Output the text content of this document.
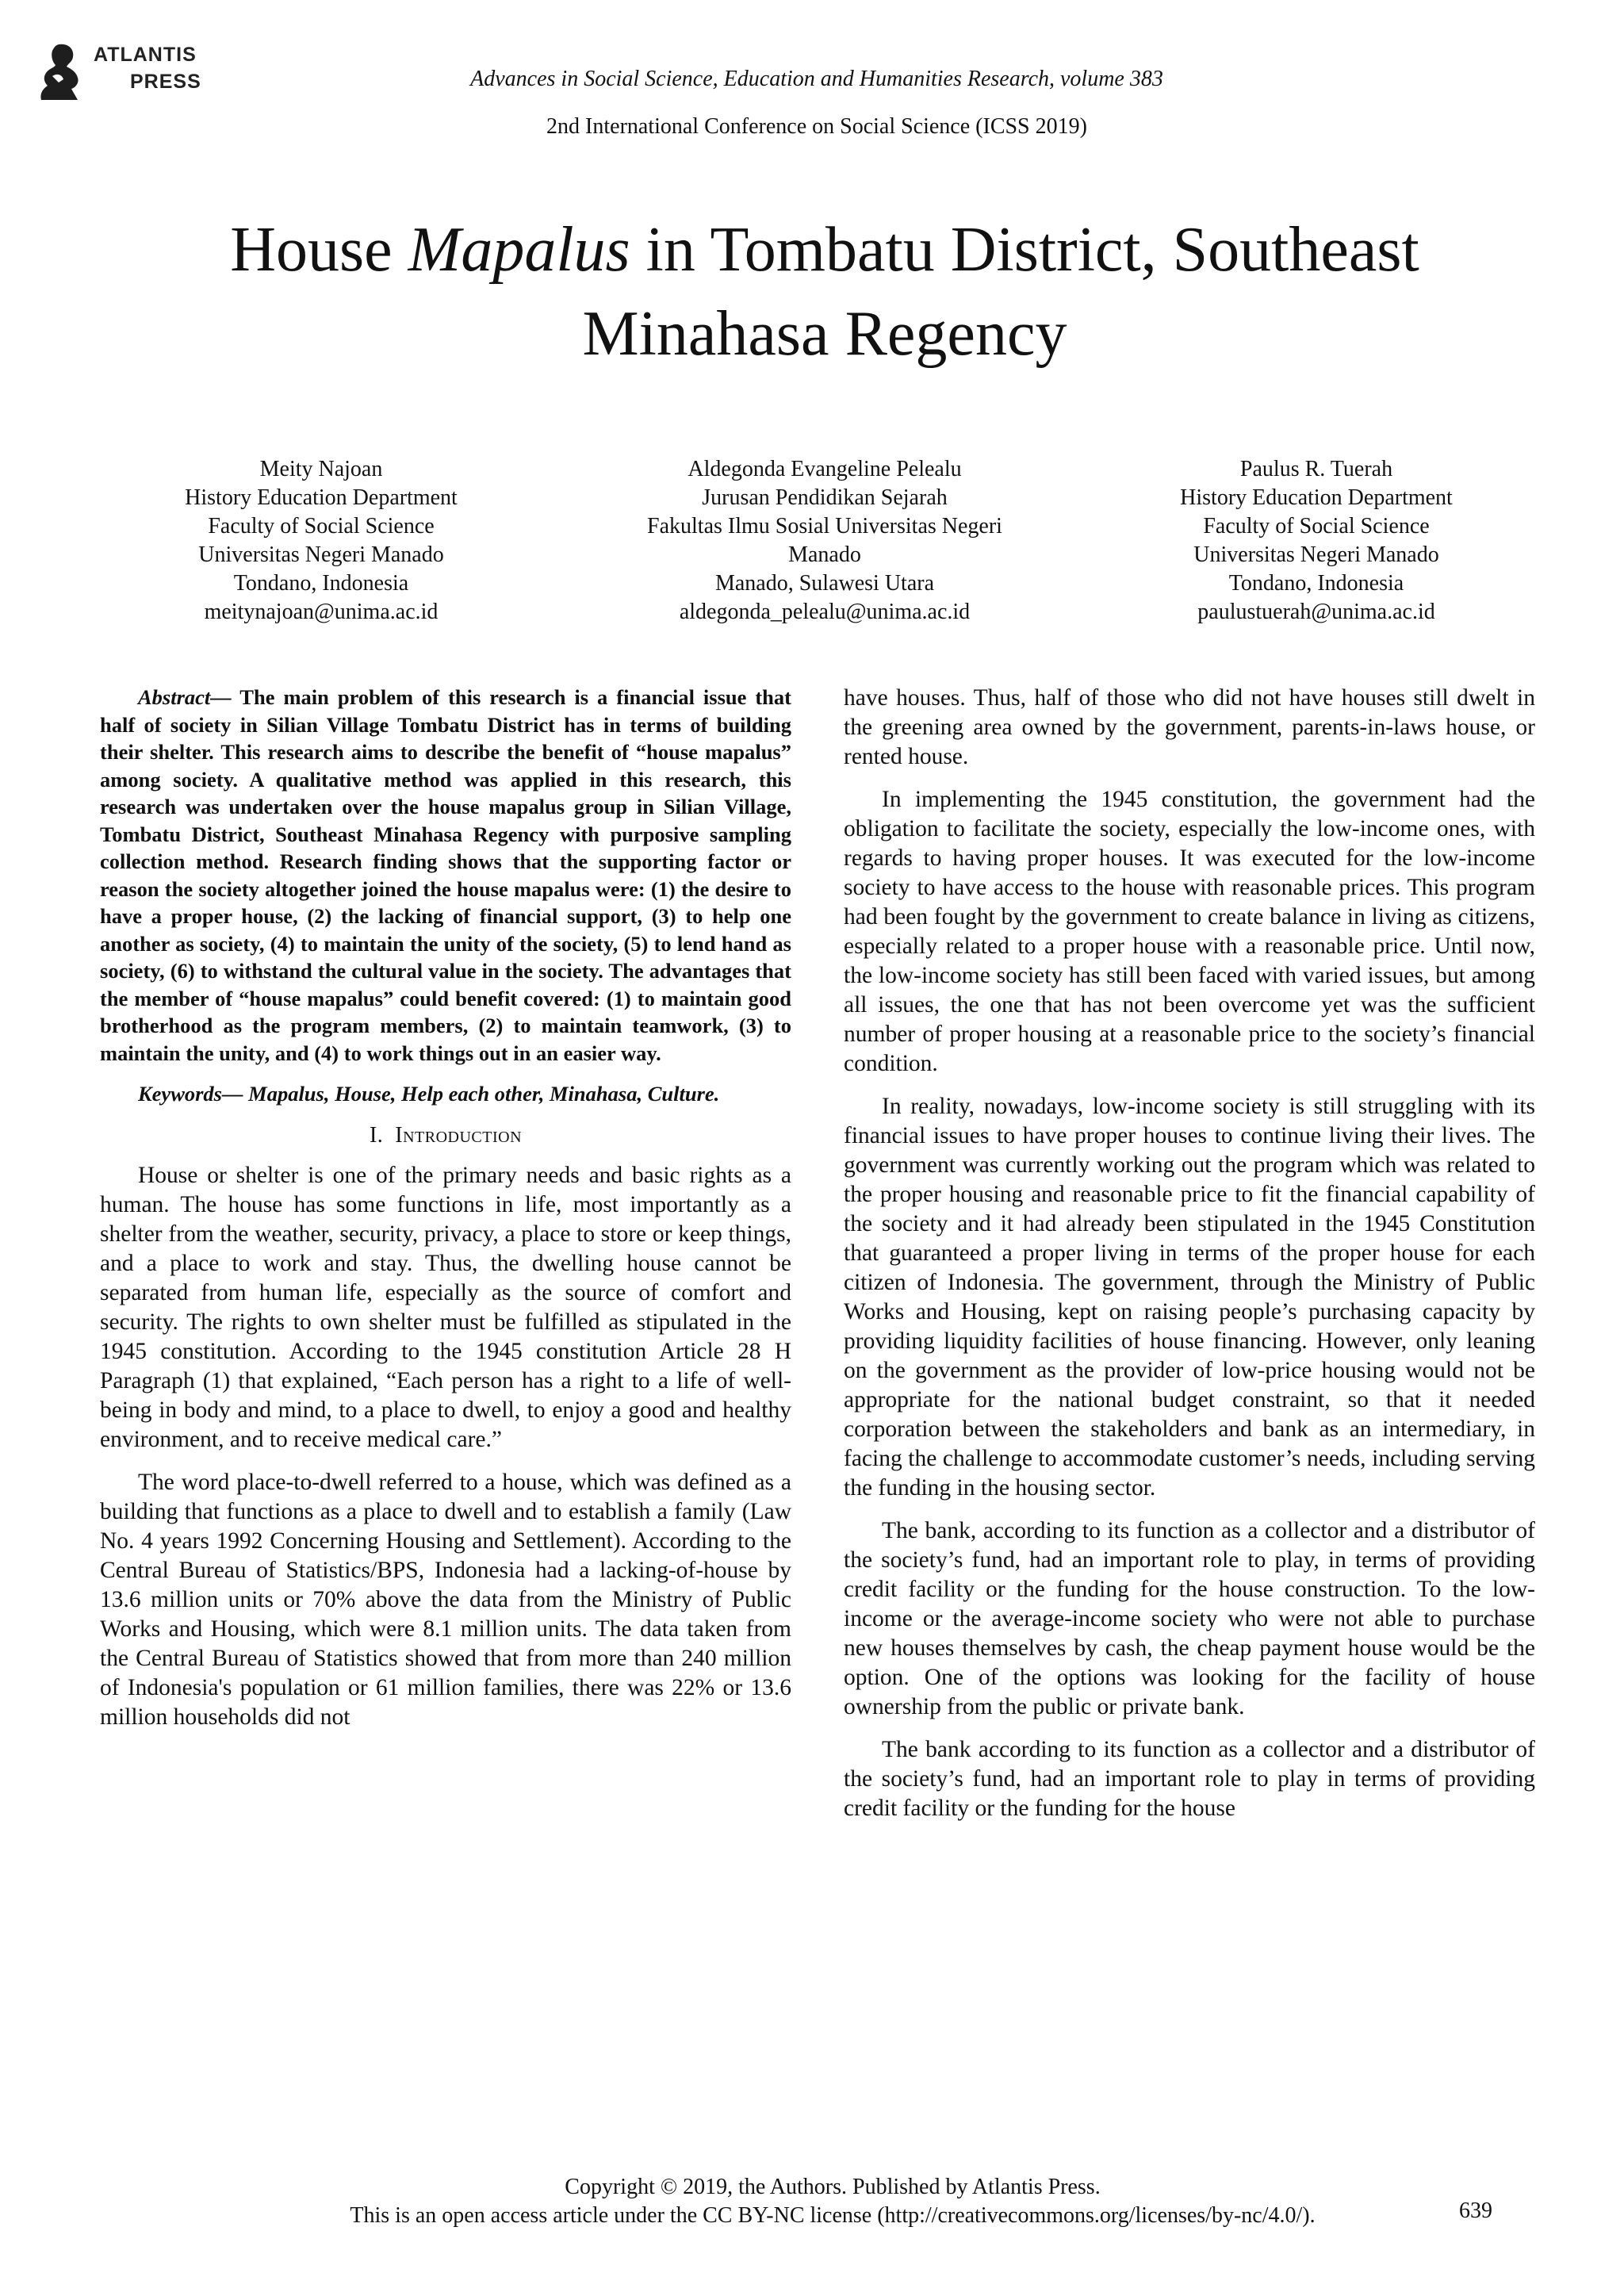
ATLANTIS
PRESS	Advances in Social Science, Education and Humanities Research, volume 383
2nd International Conference on Social Science (ICSS 2019)
House Mapalus in Tombatu District, Southeast
Minahasa Regency
Meity Najoan
History Education Department
Faculty of Social Science
Universitas Negeri Manado
Tondano, Indonesia
meitynajoan@unima.ac.id
Aldegonda Evangeline Pelealu
Jurusan Pendidikan Sejarah
Fakultas Ilmu Sosial Universitas Negeri
Manado
Manado, Sulawesi Utara
aldegonda_pelealu@unima.ac.id
Paulus R. Tuerah
History Education Department
Faculty of Social Science
Universitas Negeri Manado
Tondano, Indonesia
paulustuerah@unima.ac.id

Abstract— The main problem of this research is a financial issue that half of society in Silian Village Tombatu District has in terms of building their shelter. This research aims to describe the benefit of “house mapalus” among society. A qualitative method was applied in this research, this research was undertaken over the house mapalus group in Silian Village, Tombatu District, Southeast Minahasa Regency with purposive sampling collection method. Research finding shows that the supporting factor or reason the society altogether joined the house mapalus were: (1) the desire to have a proper house, (2) the lacking of financial support, (3) to help one another as society, (4) to maintain the unity of the society, (5) to lend hand as society, (6) to withstand the cultural value in the society. The advantages that the member of “house mapalus” could benefit covered: (1) to maintain good brotherhood as the program members, (2) to maintain teamwork, (3) to maintain the unity, and (4) to work things out in an easier way.

Keywords— Mapalus, House, Help each other, Minahasa, Culture.

I. Introduction

House or shelter is one of the primary needs and basic rights as a human. The house has some functions in life, most importantly as a shelter from the weather, security, privacy, a place to store or keep things, and a place to work and stay. Thus, the dwelling house cannot be separated from human life, especially as the source of comfort and security. The rights to own shelter must be fulfilled as stipulated in the 1945 constitution. According to the 1945 constitution Article 28 H Paragraph (1) that explained, “Each person has a right to a life of well-being in body and mind, to a place to dwell, to enjoy a good and healthy environment, and to receive medical care.”

The word place-to-dwell referred to a house, which was defined as a building that functions as a place to dwell and to establish a family (Law No. 4 years 1992 Concerning Housing and Settlement). According to the Central Bureau of Statistics/BPS, Indonesia had a lacking-of-house by 13.6 million units or 70% above the data from the Ministry of Public Works and Housing, which were 8.1 million units. The data taken from the Central Bureau of Statistics showed that from more than 240 million of Indonesia's population or 61 million families, there was 22% or 13.6 million households did not

have houses. Thus, half of those who did not have houses still dwelt in the greening area owned by the government, parents-in-laws house, or rented house.

In implementing the 1945 constitution, the government had the obligation to facilitate the society, especially the low-income ones, with regards to having proper houses. It was executed for the low-income society to have access to the house with reasonable prices. This program had been fought by the government to create balance in living as citizens, especially related to a proper house with a reasonable price. Until now, the low-income society has still been faced with varied issues, but among all issues, the one that has not been overcome yet was the sufficient number of proper housing at a reasonable price to the society’s financial condition.

In reality, nowadays, low-income society is still struggling with its financial issues to have proper houses to continue living their lives. The government was currently working out the program which was related to the proper housing and reasonable price to fit the financial capability of the society and it had already been stipulated in the 1945 Constitution that guaranteed a proper living in terms of the proper house for each citizen of Indonesia. The government, through the Ministry of Public Works and Housing, kept on raising people’s purchasing capacity by providing liquidity facilities of house financing. However, only leaning on the government as the provider of low-price housing would not be appropriate for the national budget constraint, so that it needed corporation between the stakeholders and bank as an intermediary, in facing the challenge to accommodate customer’s needs, including serving the funding in the housing sector.

The bank, according to its function as a collector and a distributor of the society’s fund, had an important role to play, in terms of providing credit facility or the funding for the house construction. To the low-income or the average-income society who were not able to purchase new houses themselves by cash, the cheap payment house would be the option. One of the options was looking for the facility of house ownership from the public or private bank.

The bank according to its function as a collector and a distributor of the society’s fund, had an important role to play in terms of providing credit facility or the funding for the house

Copyright © 2019, the Authors. Published by Atlantis Press.
This is an open access article under the CC BY-NC license (http://creativecommons.org/licenses/by-nc/4.0/).	639
